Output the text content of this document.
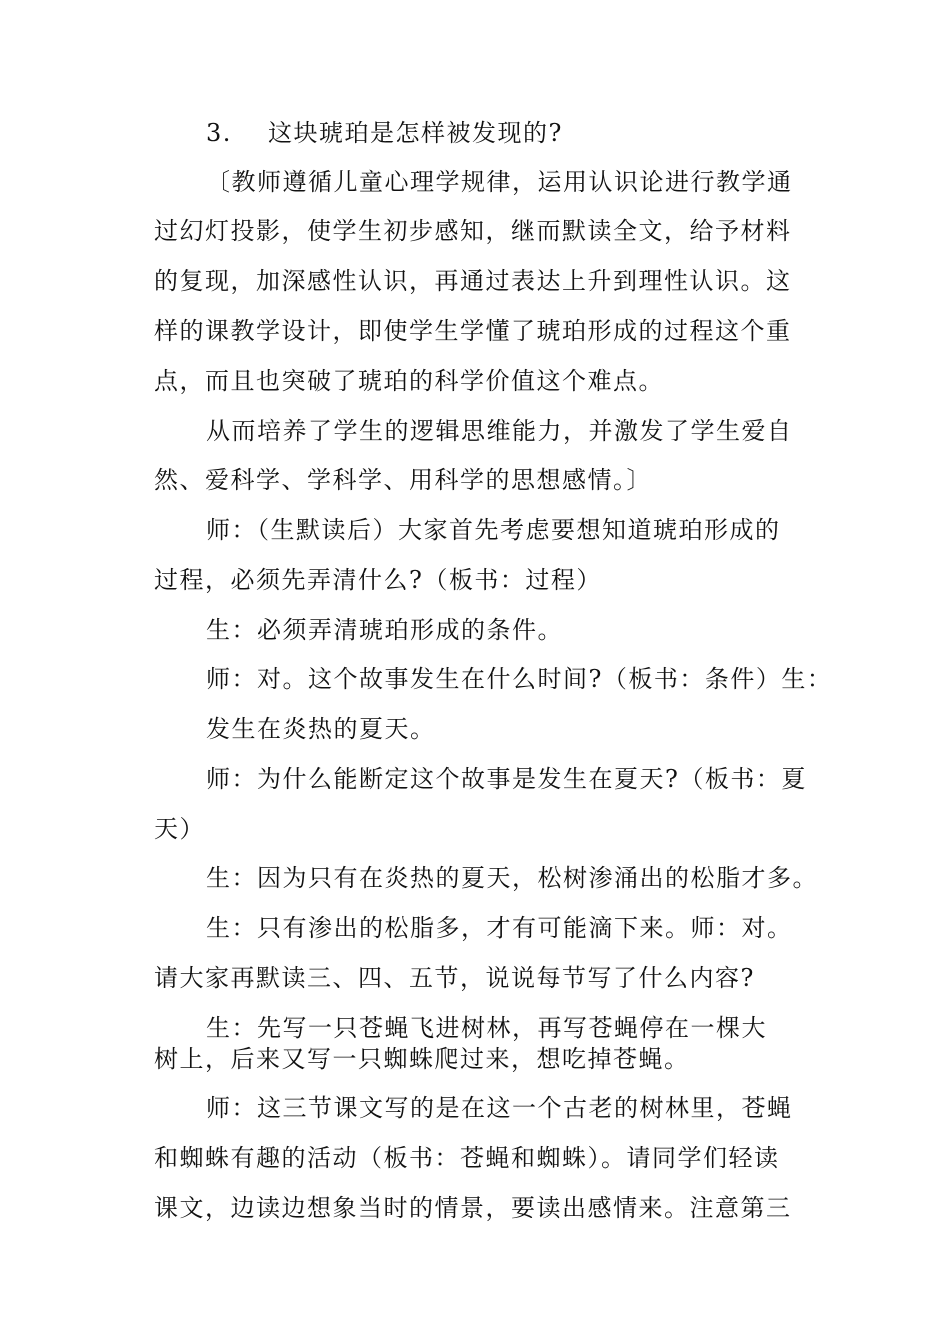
3. 这块琥珀是怎样被发现的?
〔教师遵循儿童心理学规律，运用认识论进行教学通
过幻灯投影，使学生初步感知，继而默读全文，给予材料
的复现，加深感性认识，再通过表达上升到理性认识。这
样的课教学设计，即使学生学懂了琥珀形成的过程这个重
点，而且也突破了琥珀的科学价值这个难点。
从而培养了学生的逻辑思维能力，并激发了学生爱自
然、爱科学、学科学、用科学的思想感情。〕
师：（生默读后）大家首先考虑要想知道琥珀形成的
过程，必须先弄清什么?（板书：过程）
生：必须弄清琥珀形成的条件。
师：对。这个故事发生在什么时间?（板书：条件）生：
发生在炎热的夏天。
师：为什么能断定这个故事是发生在夏天?（板书：夏
天）
生：因为只有在炎热的夏天，松树渗涌出的松脂才多。
生：只有渗出的松脂多，才有可能滴下来。师：对。
请大家再默读三、四、五节，说说每节写了什么内容?
生：先写一只苍蝇飞进树林，再写苍蝇停在一棵大
树上，后来又写一只蜘蛛爬过来，想吃掉苍蝇。
师：这三节课文写的是在这一个古老的树林里，苍蝇
和蜘蛛有趣的活动（板书：苍蝇和蜘蛛）。请同学们轻读
课文，边读边想象当时的情景，要读出感情来。注意第三
